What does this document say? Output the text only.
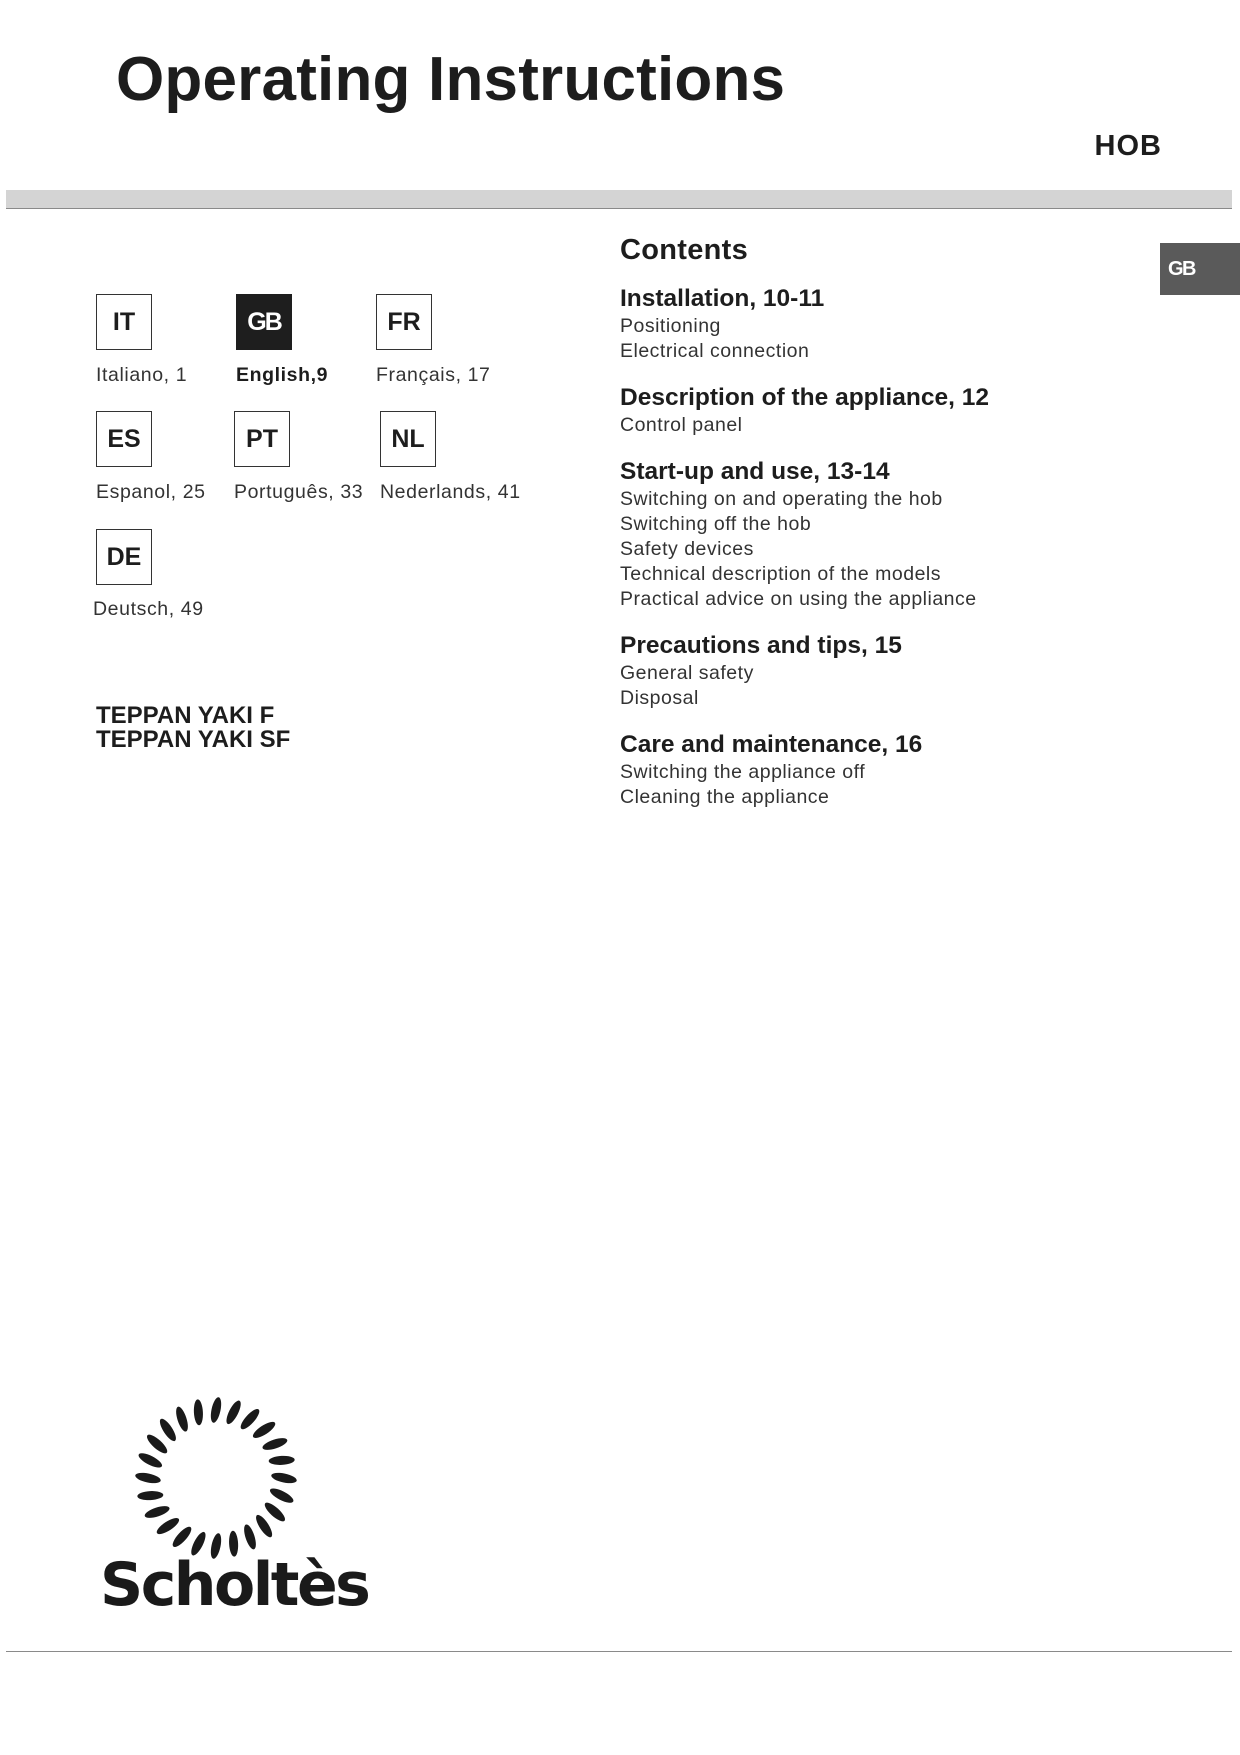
Operating Instructions
HOB
GB
IT
Italiano, 1
GB
English,9
FR
Français, 17
ES
Espanol, 25
PT
Português, 33
NL
Nederlands, 41
DE
Deutsch, 49
TEPPAN YAKI F
TEPPAN YAKI SF
Contents
Installation, 10-11
Positioning
Electrical connection
Description of the appliance, 12
Control panel
Start-up and use, 13-14
Switching on and operating the hob
Switching off the hob
Safety devices
Technical description of the models
Practical advice on using the appliance
Precautions and tips, 15
General safety
Disposal
Care and maintenance, 16
Switching the appliance off
Cleaning the appliance
Scholtès
